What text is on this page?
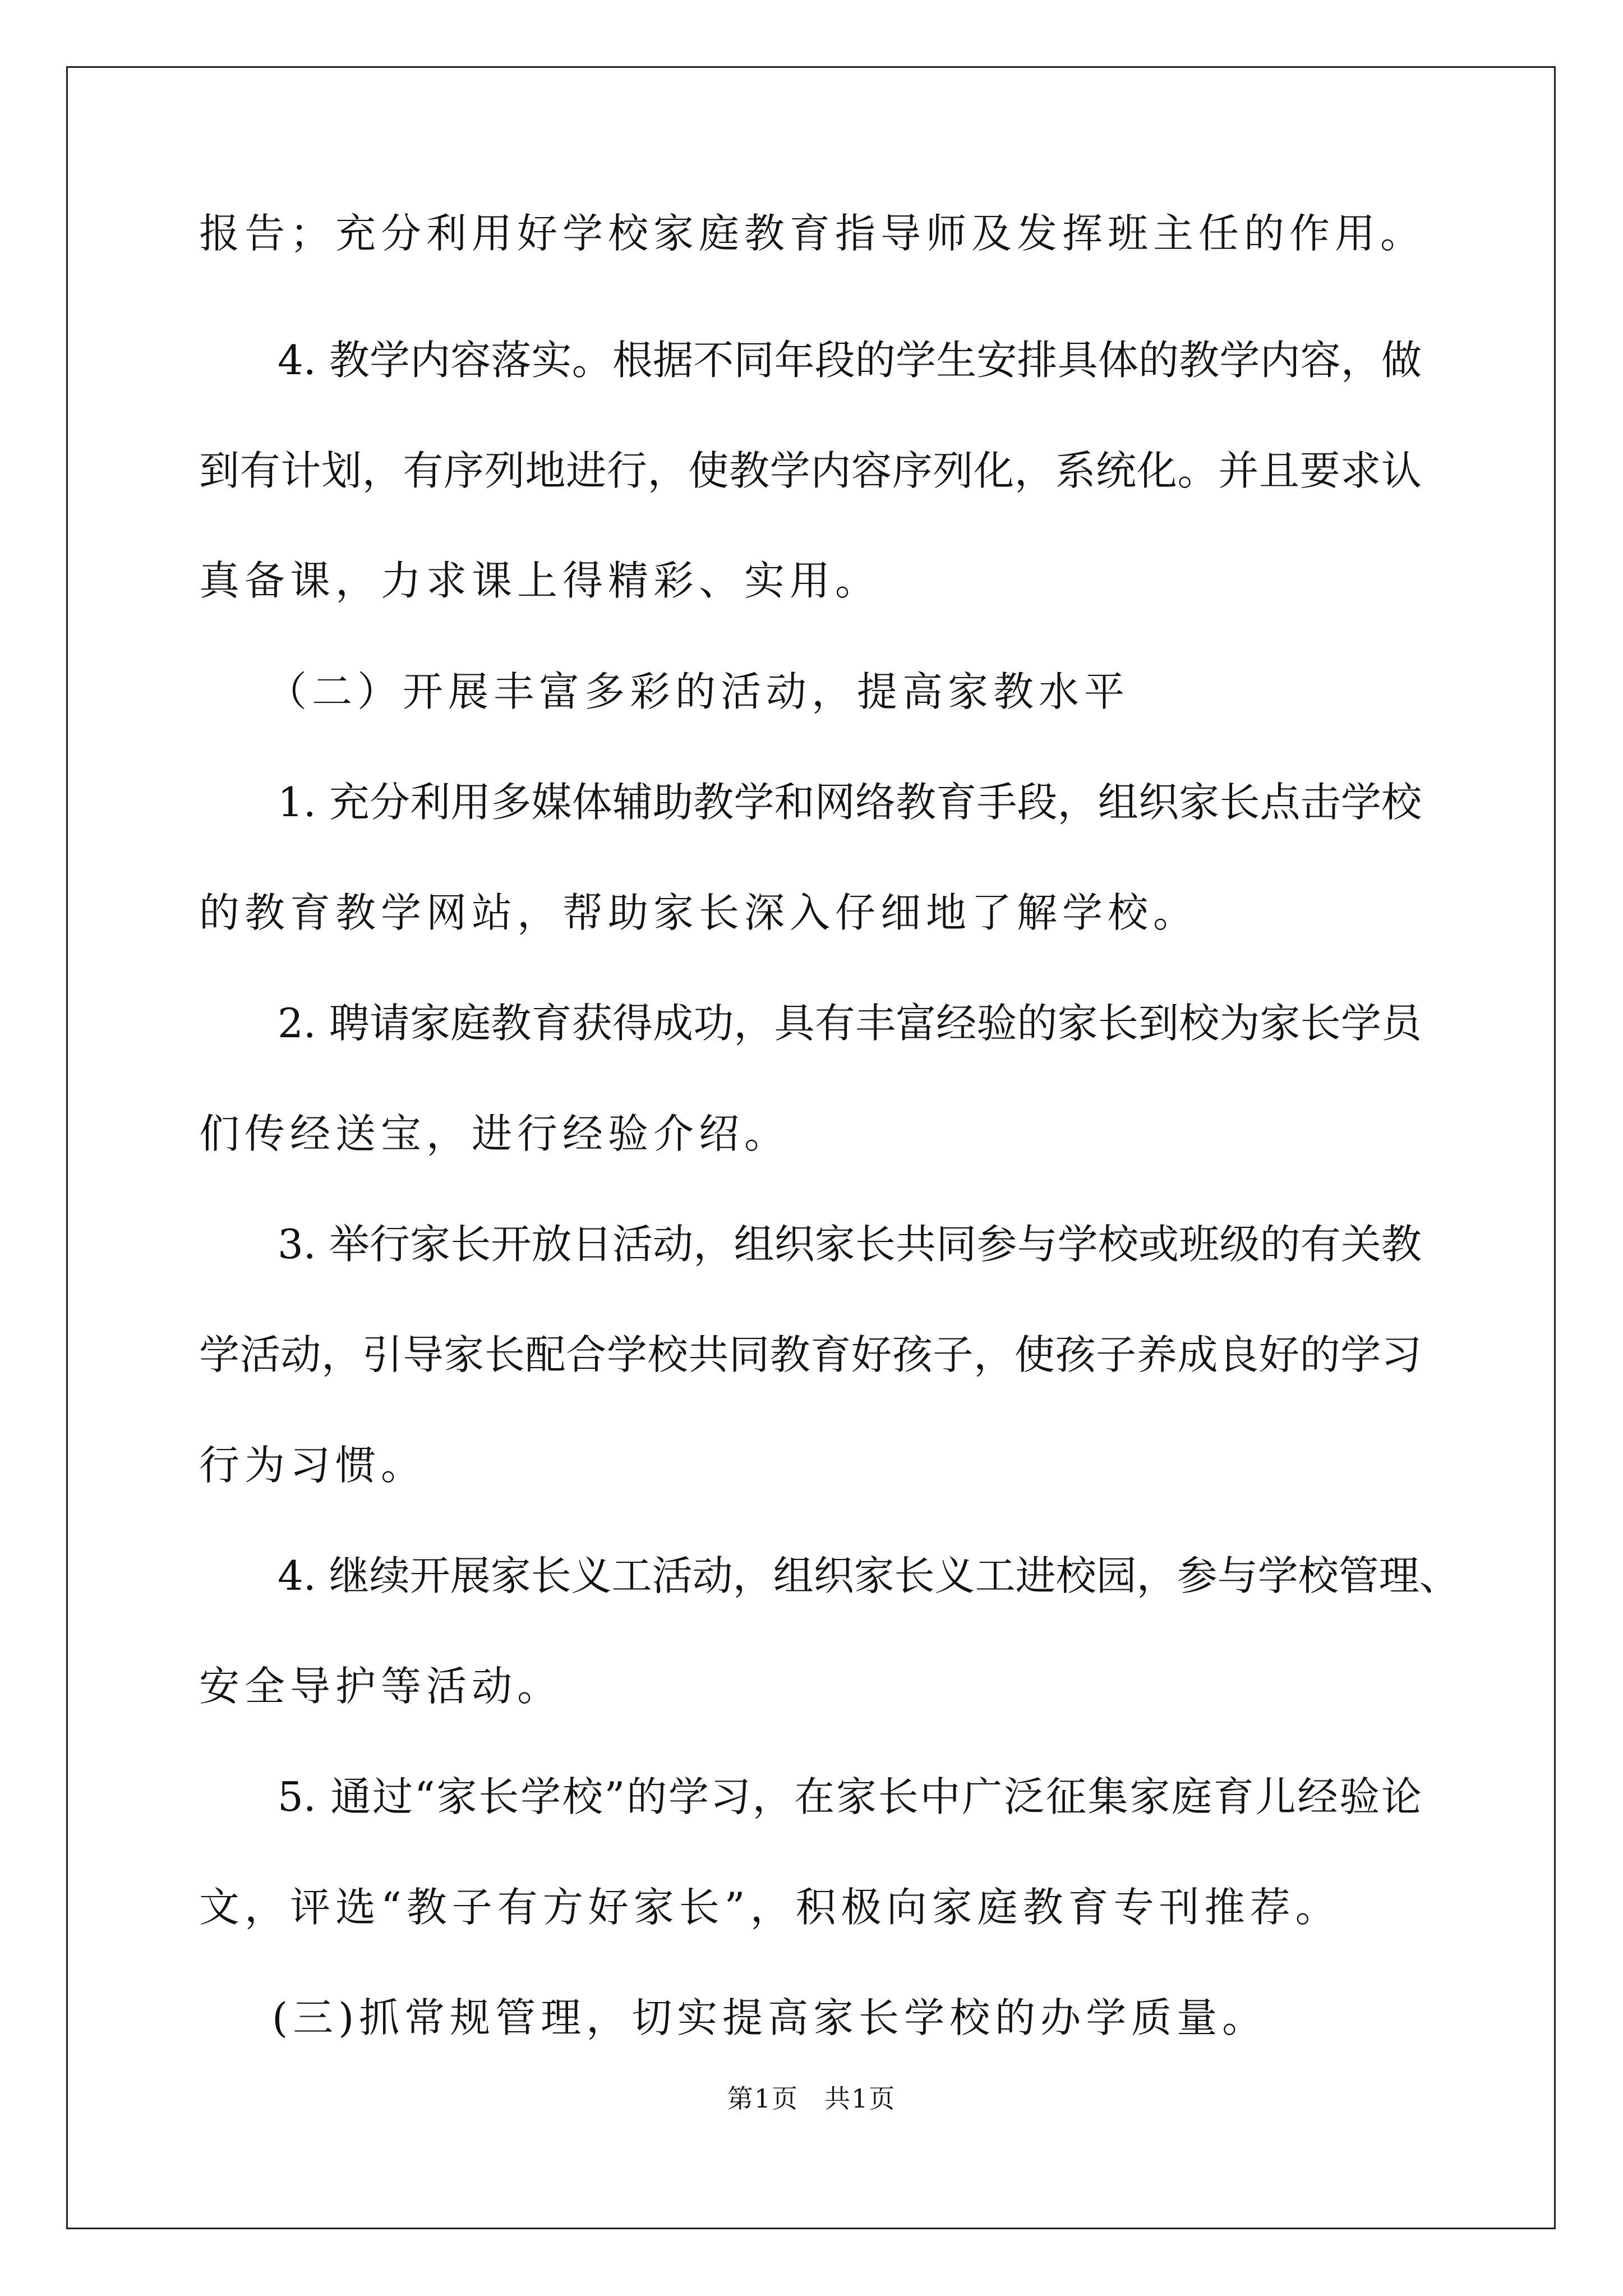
报告；充分利用好学校家庭教育指导师及发挥班主任的作用。
4. 教学内容落实。根据不同年段的学生安排具体的教学内容，做
到有计划，有序列地进行，使教学内容序列化，系统化。并且要求认
真备课，力求课上得精彩、实用。
（二）开展丰富多彩的活动，提高家教水平
1. 充分利用多媒体辅助教学和网络教育手段，组织家长点击学校
的教育教学网站，帮助家长深入仔细地了解学校。
2. 聘请家庭教育获得成功，具有丰富经验的家长到校为家长学员
们传经送宝，进行经验介绍。
3. 举行家长开放日活动，组织家长共同参与学校或班级的有关教
学活动，引导家长配合学校共同教育好孩子，使孩子养成良好的学习
行为习惯。
4. 继续开展家长义工活动，组织家长义工进校园，参与学校管理、
安全导护等活动。
5. 通过“家长学校”的学习，在家长中广泛征集家庭育儿经验论
文，评选“教子有方好家长”，积极向家庭教育专刊推荐。
(三)抓常规管理，切实提高家长学校的办学质量。
第1页 共1页
